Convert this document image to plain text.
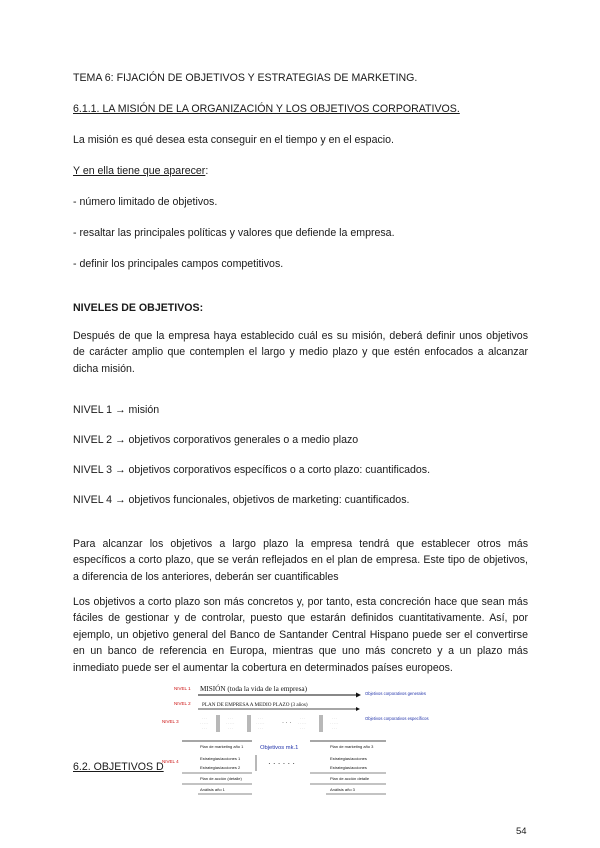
TEMA 6: FIJACIÓN DE OBJETIVOS Y ESTRATEGIAS DE MARKETING.
6.1.1. LA MISIÓN DE LA ORGANIZACIÓN Y LOS OBJETIVOS CORPORATIVOS.
La misión es qué desea esta conseguir en el tiempo y en el espacio.
Y en ella tiene que aparecer:
- número limitado de objetivos.
- resaltar las principales políticas y valores que defiende la empresa.
- definir los principales campos competitivos.
NIVELES DE OBJETIVOS:
Después de que la empresa haya establecido cuál es su misión, deberá definir unos objetivos de carácter amplio que contemplen el largo y medio plazo y que estén enfocados a alcanzar dicha misión.
NIVEL 1 → misión
NIVEL 2 → objetivos corporativos generales o a medio plazo
NIVEL 3 → objetivos corporativos específicos o a corto plazo: cuantificados.
NIVEL 4 → objetivos funcionales, objetivos de marketing: cuantificados.
Para alcanzar los objetivos a largo plazo la empresa tendrá que establecer otros más específicos a corto plazo, que se verán reflejados en el plan de empresa. Este tipo de objetivos, a diferencia de los anteriores, deberán ser cuantificables
Los objetivos a corto plazo son más concretos y, por tanto, esta concreción hace que sean más fáciles de gestionar y de controlar, puesto que estarán definidos cuantitativamente. Así, por ejemplo, un objetivo general del Banco de Santander Central Hispano puede ser el convertirse en un banco de referencia en Europa, mientras que uno más concreto y a un plazo más inmediato puede ser el aumentar la cobertura en determinados países europeos.
6.2. OBJETIVOS D
NIVEL 1
NIVEL 2
NIVEL 3
NIVEL 4
MISIÓN (toda la vida de la empresa)
PLAN DE EMPRESA A MEDIO PLAZO (3 años)
Objetivos corporativos generales
Objetivos corporativos específicos
· · ·
· · · · ·
· · ·
· · ·
· · · · ·
· · ·
· · ·
· · · · ·
· · ·
· · ·
· · · · ·
· · ·
· · ·
· · · · ·
· · ·
· · ·
Plan de marketing año 1
Estrategias/acciones 1
Estrategias/acciones 2
Plan de acción (detalle)
Análisis año 1
Objetivos mk.1
· · · · · ·
Plan de marketing año 3
Estrategias/acciones
Estrategias/acciones
Plan de acción detalle
Análisis año 3
54
